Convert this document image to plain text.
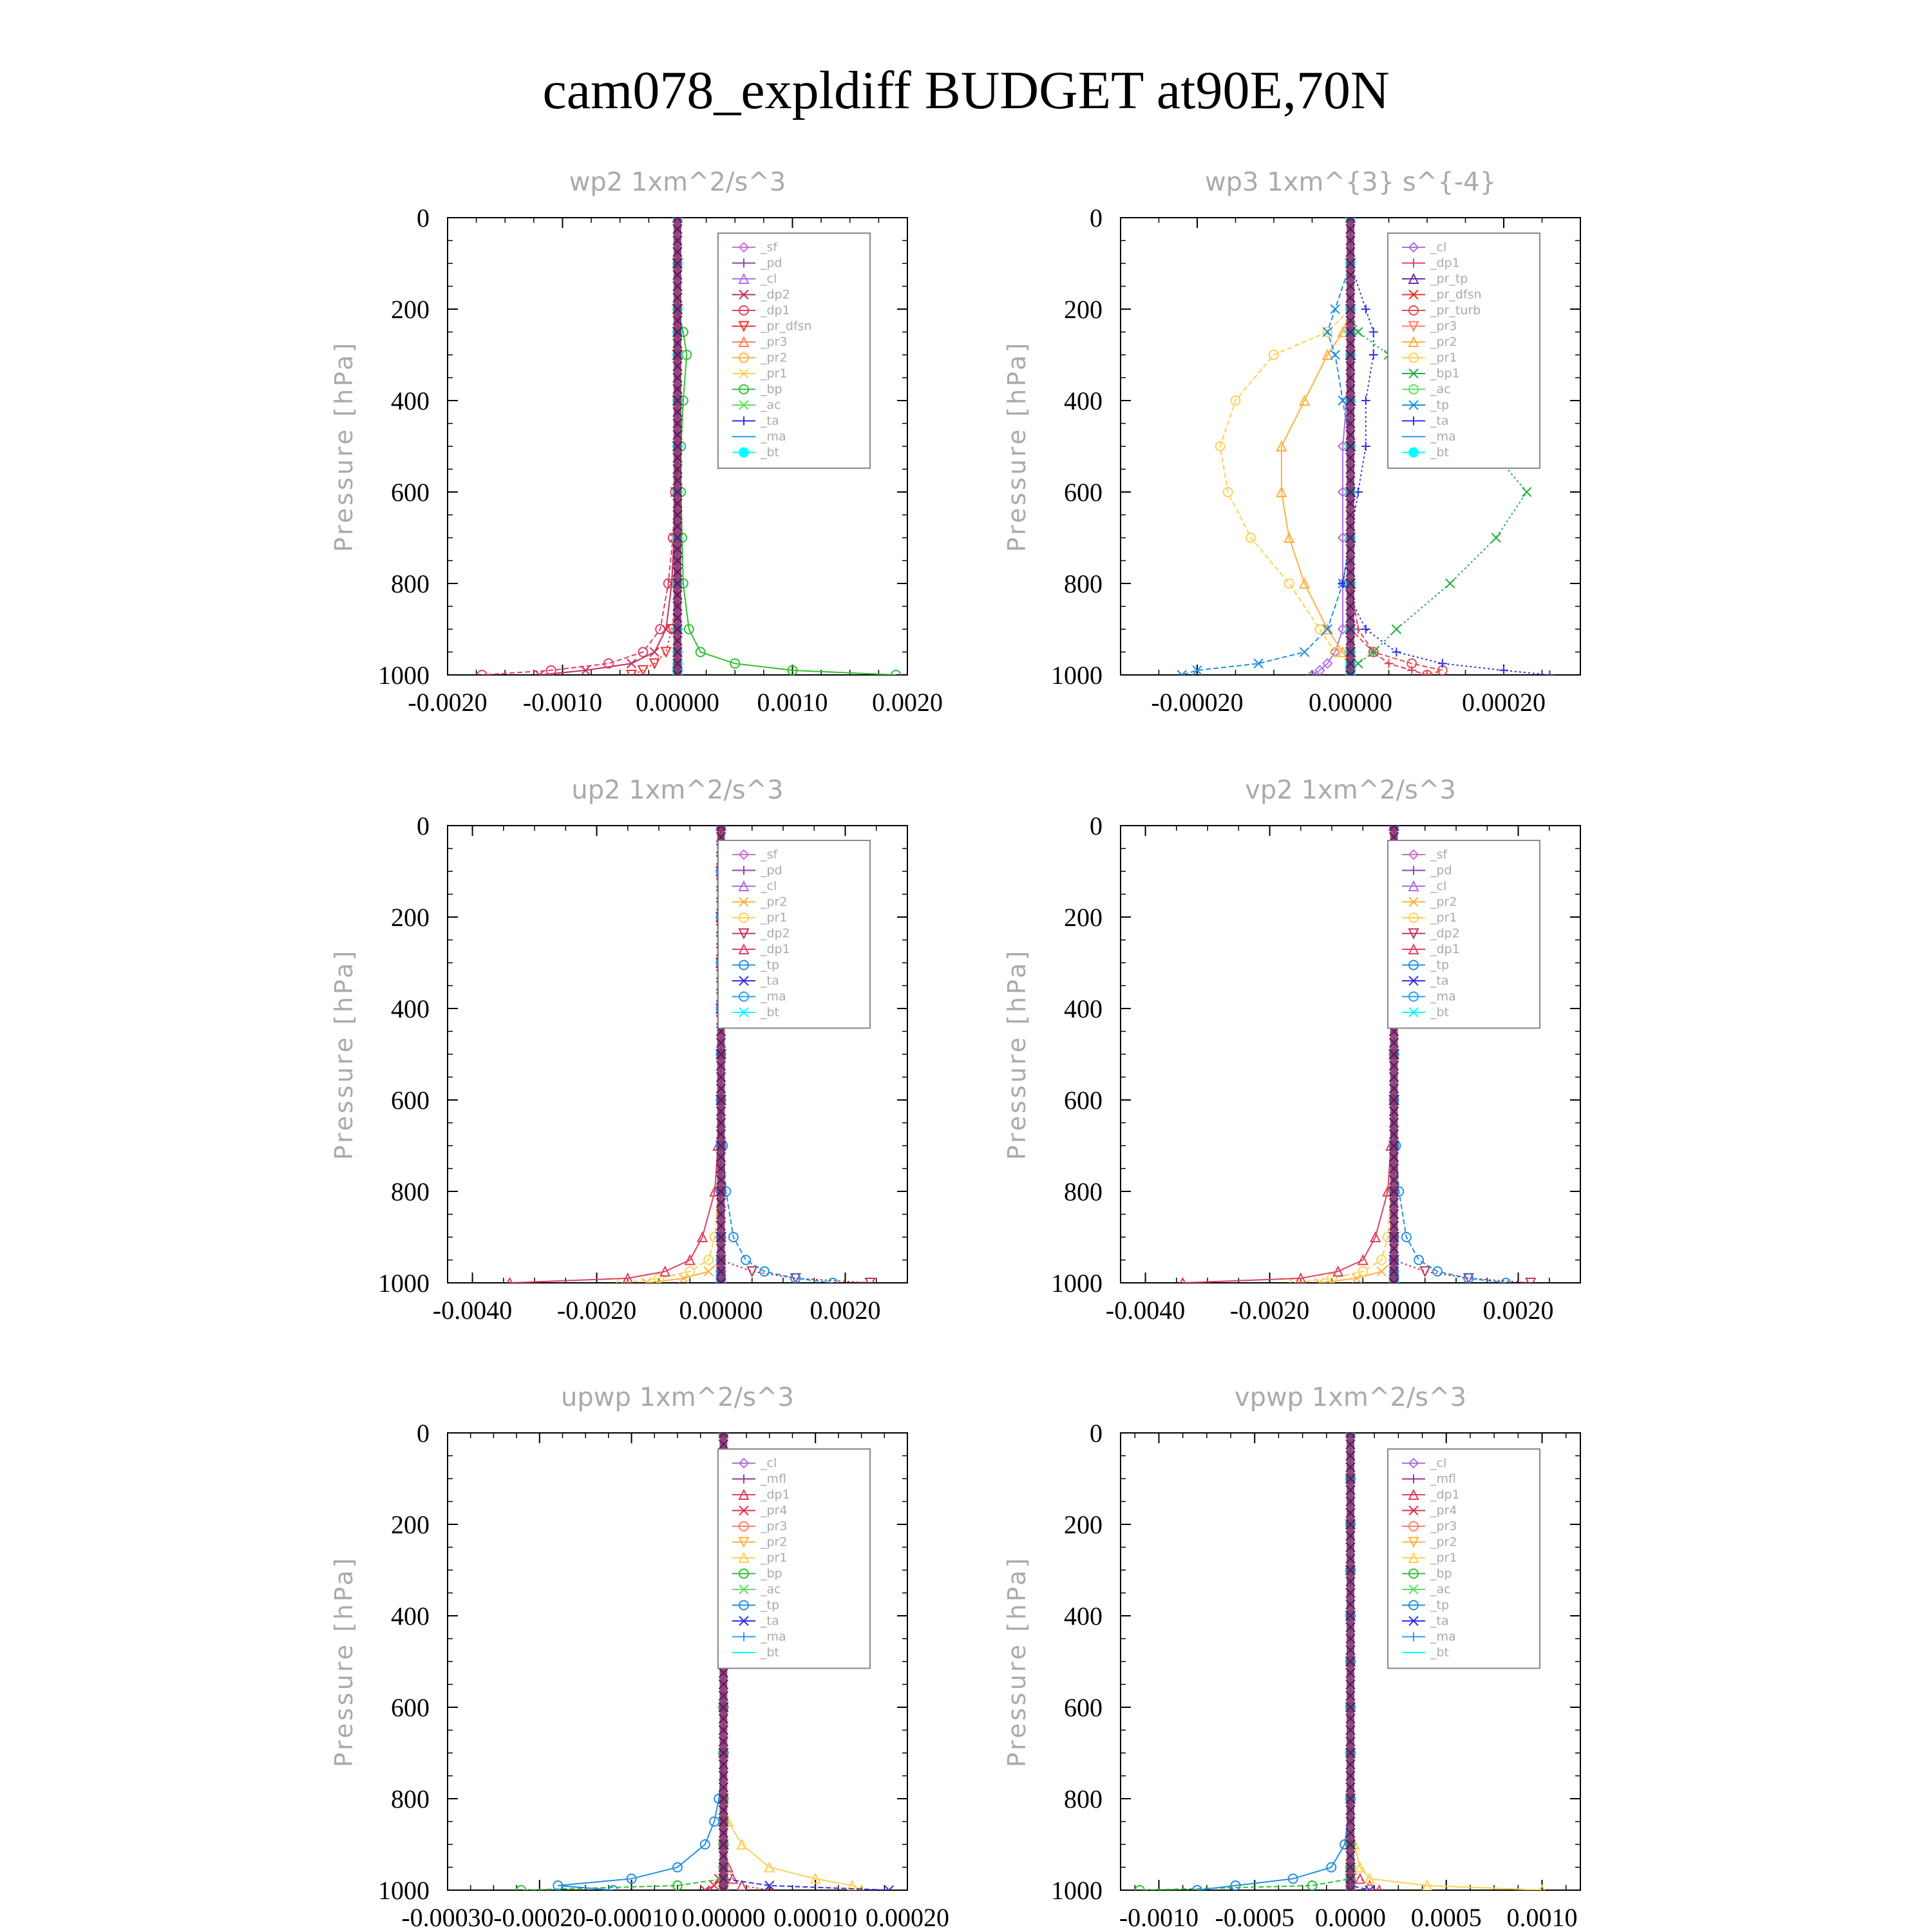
cam078_expldiff BUDGET at90E,70N
wp2 1xm^2/s^3
Pressure [hPa]
0
200
400
600
800
1000
-0.0020 -0.0010 0.00000 0.0010 0.0020
_sf
_pd
_cl
_dp2
_dp1
_pr_dfsn
_pr3
_pr2
_pr1
_bp
_ac
_ta
_ma
_bt
wp3 1xm^{3} s^{-4}
Pressure [hPa]
0
200
400
600
800
1000
-0.00020	0.00000	0.00020
_cl
_dp1
_pr_tp
_pr_dfsn
_pr_turb
_pr3
_pr2
_pr1
_bp1
_ac
_tp
_ta
_ma
_bt
up2 1xm^2/s^3
Pressure [hPa]
0
200
400
600
800
1000
-0.0040 -0.0020 0.00000 0.0020
_sf
_pd
_cl
_pr2
_pr1
_dp2
_dp1
_tp
_ta
_ma
_bt
vp2 1xm^2/s^3
Pressure [hPa]
0
200
400
600
800
1000
-0.0040 -0.0020 0.00000 0.0020
_sf
_pd
_cl
_pr2
_pr1
_dp2
_dp1
_tp
_ta
_ma
_bt
upwp 1xm^2/s^3
Pressure [hPa]
0
200
400
600
800
1000
-0.00030 -0.00020 -0.00010 0.00000 0.00010 0.00020
_cl
_mfl
_dp1
_pr4
_pr3
_pr2
_pr1
_bp
_ac
_tp
_ta
_ma
_bt
vpwp 1xm^2/s^3
Pressure [hPa]
0
200
400
600
800
1000
-0.0010 -0.0005 0.0000 0.0005 0.0010
_cl
_mfl
_dp1
_pr4
_pr3
_pr2
_pr1
_bp
_ac
_tp
_ta
_ma
_bt
